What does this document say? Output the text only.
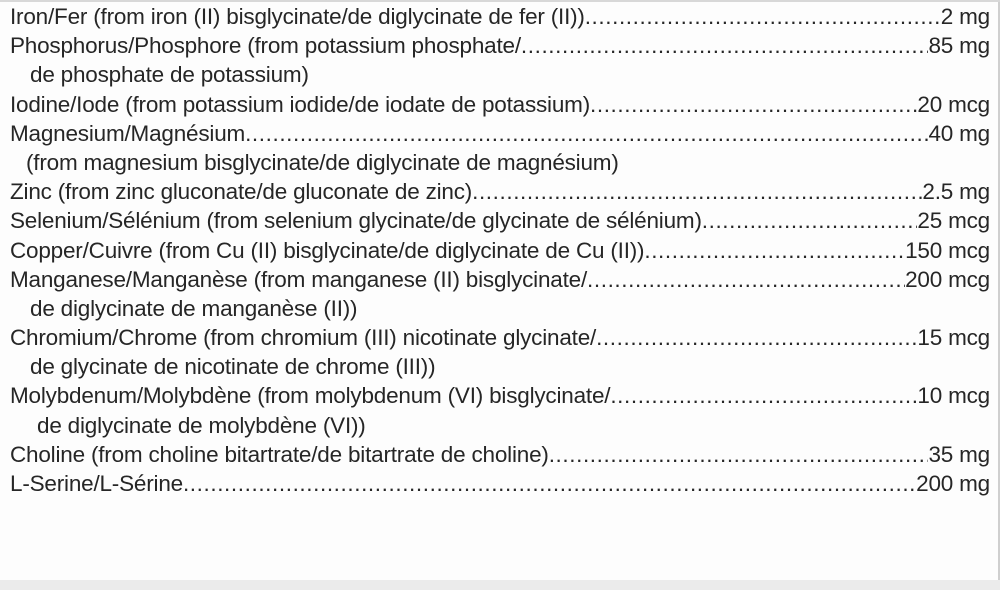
Iron/Fer (from iron (II) bisglycinate/de diglycinate de fer (II)) .....	2 mg
Phosphorus/Phosphore (from potassium phosphate/ .....	85 mg
de phosphate de potassium)
Iodine/Iode (from potassium iodide/de iodate de potassium) .....	20 mcg
Magnesium/Magnésium .....	40 mg
(from magnesium bisglycinate/de diglycinate de magnésium)
Zinc (from zinc gluconate/de gluconate de zinc) .....	2.5 mg
Selenium/Sélénium (from selenium glycinate/de glycinate de sélénium) .....	25 mcg
Copper/Cuivre (from Cu (II) bisglycinate/de diglycinate de Cu (II)) .....	150 mcg
Manganese/Manganèse (from manganese (II) bisglycinate/ .....	200 mcg
de diglycinate de manganèse (II))
Chromium/Chrome (from chromium (III) nicotinate glycinate/ .....	15 mcg
de glycinate de nicotinate de chrome (III))
Molybdenum/Molybdène (from molybdenum (VI) bisglycinate/ .....	10 mcg
de diglycinate de molybdène (VI))
Choline (from choline bitartrate/de bitartrate de choline) .....	35 mg
L-Serine/L-Sérine .....	200 mg
